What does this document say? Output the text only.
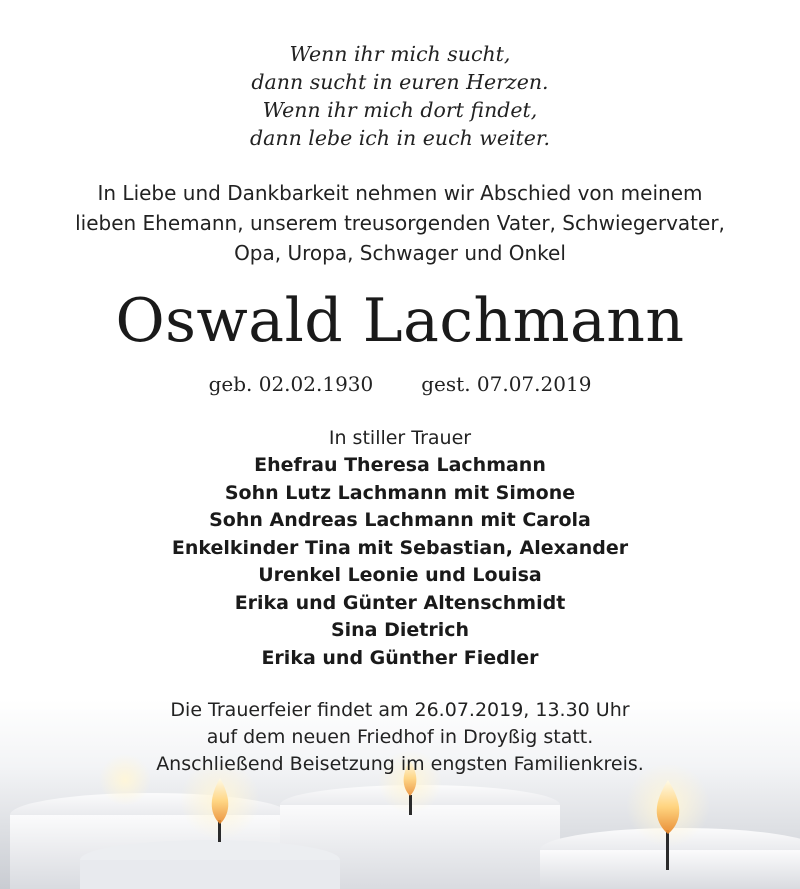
Wenn ihr mich sucht,
dann sucht in euren Herzen.
Wenn ihr mich dort findet,
dann lebe ich in euch weiter.
In Liebe und Dankbarkeit nehmen wir Abschied von meinem
lieben Ehemann, unserem treusorgenden Vater, Schwiegervater,
Opa, Uropa, Schwager und Onkel
Oswald Lachmann
geb. 02.02.1930 gest. 07.07.2019
In stiller Trauer
Ehefrau Theresa Lachmann
Sohn Lutz Lachmann mit Simone
Sohn Andreas Lachmann mit Carola
Enkelkinder Tina mit Sebastian, Alexander
Urenkel Leonie und Louisa
Erika und Günter Altenschmidt
Sina Dietrich
Erika und Günther Fiedler
Die Trauerfeier findet am 26.07.2019, 13.30 Uhr
auf dem neuen Friedhof in Droyßig statt.
Anschließend Beisetzung im engsten Familienkreis.
